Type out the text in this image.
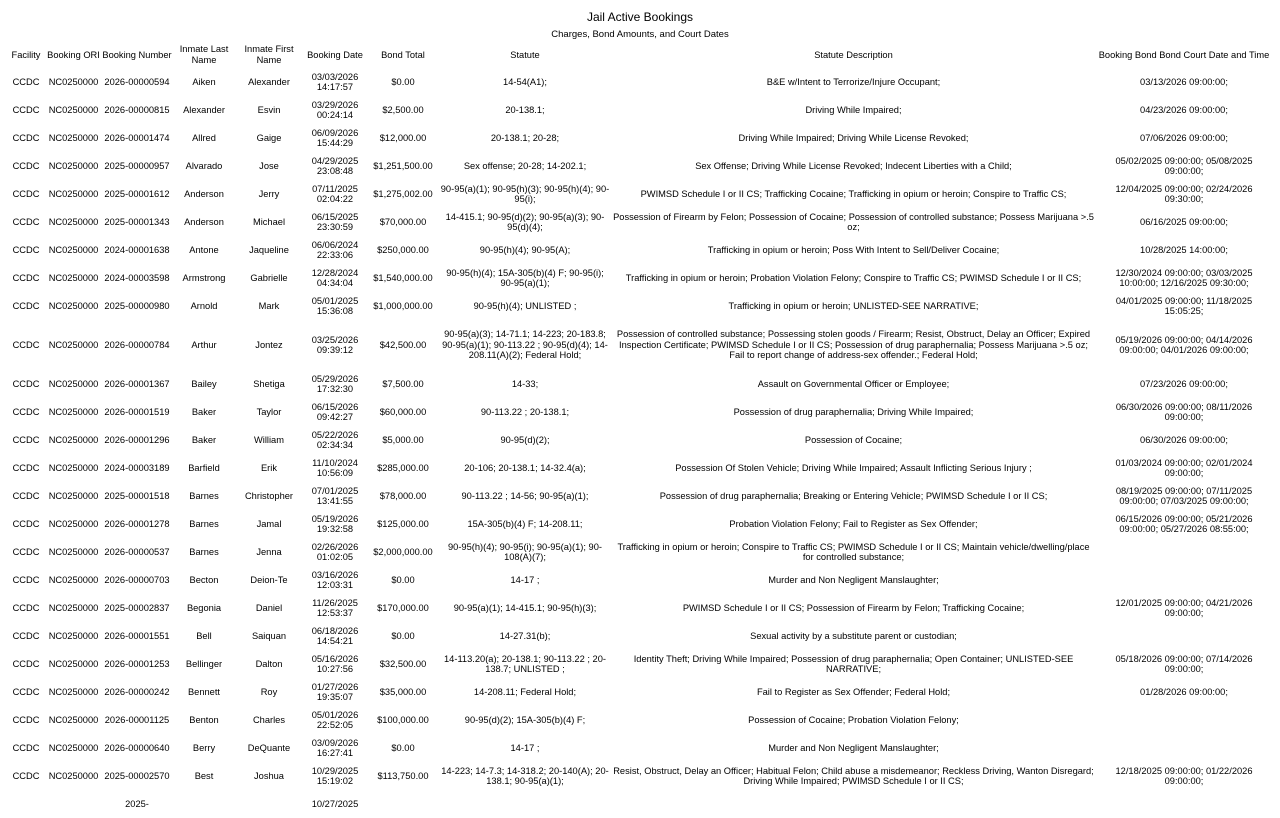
Jail Active Bookings
Charges, Bond Amounts, and Court Dates
Facility	Booking ORI	Booking Number	Inmate Last Name	Inmate First Name	Booking Date	Bond Total	Statute	Statute Description	Booking Bond Bond Court Date and Time
CCDC	NC0250000	2026-00000594	Aiken	Alexander	03/03/2026 14:17:57	$0.00	14-54(A1);	B&E w/Intent to Terrorize/Injure Occupant;	03/13/2026 09:00:00;
CCDC	NC0250000	2026-00000815	Alexander	Esvin	03/29/2026 00:24:14	$2,500.00	20-138.1;	Driving While Impaired;	04/23/2026 09:00:00;
CCDC	NC0250000	2026-00001474	Allred	Gaige	06/09/2026 15:44:29	$12,000.00	20-138.1; 20-28;	Driving While Impaired; Driving While License Revoked;	07/06/2026 09:00:00;
CCDC	NC0250000	2025-00000957	Alvarado	Jose	04/29/2025 23:08:48	$1,251,500.00	Sex offense; 20-28; 14-202.1;	Sex Offense; Driving While License Revoked; Indecent Liberties with a Child;	05/02/2025 09:00:00; 05/08/2025 09:00:00;
CCDC	NC0250000	2025-00001612	Anderson	Jerry	07/11/2025 02:04:22	$1,275,002.00	90-95(a)(1); 90-95(h)(3); 90-95(h)(4); 90-95(i);	PWIMSD Schedule I or II CS; Trafficking Cocaine; Trafficking in opium or heroin; Conspire to Traffic CS;	12/04/2025 09:00:00; 02/24/2026 09:30:00;
CCDC	NC0250000	2025-00001343	Anderson	Michael	06/15/2025 23:30:59	$70,000.00	14-415.1; 90-95(d)(2); 90-95(a)(3); 90-95(d)(4);	Possession of Firearm by Felon; Possession of Cocaine; Possession of controlled substance; Possess Marijuana >.5 oz;	06/16/2025 09:00:00;
CCDC	NC0250000	2024-00001638	Antone	Jaqueline	06/06/2024 22:33:06	$250,000.00	90-95(h)(4); 90-95(A);	Trafficking in opium or heroin; Poss With Intent to Sell/Deliver Cocaine;	10/28/2025 14:00:00;
CCDC	NC0250000	2024-00003598	Armstrong	Gabrielle	12/28/2024 04:34:04	$1,540,000.00	90-95(h)(4); 15A-305(b)(4) F; 90-95(i); 90-95(a)(1);	Trafficking in opium or heroin; Probation Violation Felony; Conspire to Traffic CS; PWIMSD Schedule I or II CS;	12/30/2024 09:00:00; 03/03/2025 10:00:00; 12/16/2025 09:30:00;
CCDC	NC0250000	2025-00000980	Arnold	Mark	05/01/2025 15:36:08	$1,000,000.00	90-95(h)(4); UNLISTED ;	Trafficking in opium or heroin; UNLISTED-SEE NARRATIVE;	04/01/2025 09:00:00; 11/18/2025 15:05:25;
CCDC	NC0250000	2026-00000784	Arthur	Jontez	03/25/2026 09:39:12	$42,500.00	90-95(a)(3); 14-71.1; 14-223; 20-183.8; 90-95(a)(1); 90-113.22 ; 90-95(d)(4); 14-208.11(A)(2); Federal Hold;	Possession of controlled substance; Possessing stolen goods / Firearm; Resist, Obstruct, Delay an Officer; Expired Inspection Certificate; PWIMSD Schedule I or II CS; Possession of drug paraphernalia; Possess Marijuana >.5 oz; Fail to report change of address-sex offender.; Federal Hold;	05/19/2026 09:00:00; 04/14/2026 09:00:00; 04/01/2026 09:00:00;
CCDC	NC0250000	2026-00001367	Bailey	Shetiga	05/29/2026 17:32:30	$7,500.00	14-33;	Assault on Governmental Officer or Employee;	07/23/2026 09:00:00;
CCDC	NC0250000	2026-00001519	Baker	Taylor	06/15/2026 09:42:27	$60,000.00	90-113.22 ; 20-138.1;	Possession of drug paraphernalia; Driving While Impaired;	06/30/2026 09:00:00; 08/11/2026 09:00:00;
CCDC	NC0250000	2026-00001296	Baker	William	05/22/2026 02:34:34	$5,000.00	90-95(d)(2);	Possession of Cocaine;	06/30/2026 09:00:00;
CCDC	NC0250000	2024-00003189	Barfield	Erik	11/10/2024 10:56:09	$285,000.00	20-106; 20-138.1; 14-32.4(a);	Possession Of Stolen Vehicle; Driving While Impaired; Assault Inflicting Serious Injury ;	01/03/2024 09:00:00; 02/01/2024 09:00:00;
CCDC	NC0250000	2025-00001518	Barnes	Christopher	07/01/2025 13:41:55	$78,000.00	90-113.22 ; 14-56; 90-95(a)(1);	Possession of drug paraphernalia; Breaking or Entering Vehicle; PWIMSD Schedule I or II CS;	08/19/2025 09:00:00; 07/11/2025 09:00:00; 07/03/2025 09:00:00;
CCDC	NC0250000	2026-00001278	Barnes	Jamal	05/19/2026 19:32:58	$125,000.00	15A-305(b)(4) F; 14-208.11;	Probation Violation Felony; Fail to Register as Sex Offender;	06/15/2026 09:00:00; 05/21/2026 09:00:00; 05/27/2026 08:55:00;
CCDC	NC0250000	2026-00000537	Barnes	Jenna	02/26/2026 01:02:05	$2,000,000.00	90-95(h)(4); 90-95(i); 90-95(a)(1); 90-108(A)(7);	Trafficking in opium or heroin; Conspire to Traffic CS; PWIMSD Schedule I or II CS; Maintain vehicle/dwelling/place for controlled substance;	
CCDC	NC0250000	2026-00000703	Becton	Deion-Te	03/16/2026 12:03:31	$0.00	14-17 ;	Murder and Non Negligent Manslaughter;	
CCDC	NC0250000	2025-00002837	Begonia	Daniel	11/26/2025 12:53:37	$170,000.00	90-95(a)(1); 14-415.1; 90-95(h)(3);	PWIMSD Schedule I or II CS; Possession of Firearm by Felon; Trafficking Cocaine;	12/01/2025 09:00:00; 04/21/2026 09:00:00;
CCDC	NC0250000	2026-00001551	Bell	Saiquan	06/18/2026 14:54:21	$0.00	14-27.31(b);	Sexual activity by a substitute parent or custodian;	
CCDC	NC0250000	2026-00001253	Bellinger	Dalton	05/16/2026 10:27:56	$32,500.00	14-113.20(a); 20-138.1; 90-113.22 ; 20-138.7; UNLISTED ;	Identity Theft; Driving While Impaired; Possession of drug paraphernalia; Open Container; UNLISTED-SEE NARRATIVE;	05/18/2026 09:00:00; 07/14/2026 09:00:00;
CCDC	NC0250000	2026-00000242	Bennett	Roy	01/27/2026 19:35:07	$35,000.00	14-208.11; Federal Hold;	Fail to Register as Sex Offender; Federal Hold;	01/28/2026 09:00:00;
CCDC	NC0250000	2026-00001125	Benton	Charles	05/01/2026 22:52:05	$100,000.00	90-95(d)(2); 15A-305(b)(4) F;	Possession of Cocaine; Probation Violation Felony;	
CCDC	NC0250000	2026-00000640	Berry	DeQuante	03/09/2026 16:27:41	$0.00	14-17 ;	Murder and Non Negligent Manslaughter;	
CCDC	NC0250000	2025-00002570	Best	Joshua	10/29/2025 15:19:02	$113,750.00	14-223; 14-7.3; 14-318.2; 20-140(A); 20-138.1; 90-95(a)(1);	Resist, Obstruct, Delay an Officer; Habitual Felon; Child abuse a misdemeanor; Reckless Driving, Wanton Disregard; Driving While Impaired; PWIMSD Schedule I or II CS;	12/18/2025 09:00:00; 01/22/2026 09:00:00;
		2025-			10/27/2025				
